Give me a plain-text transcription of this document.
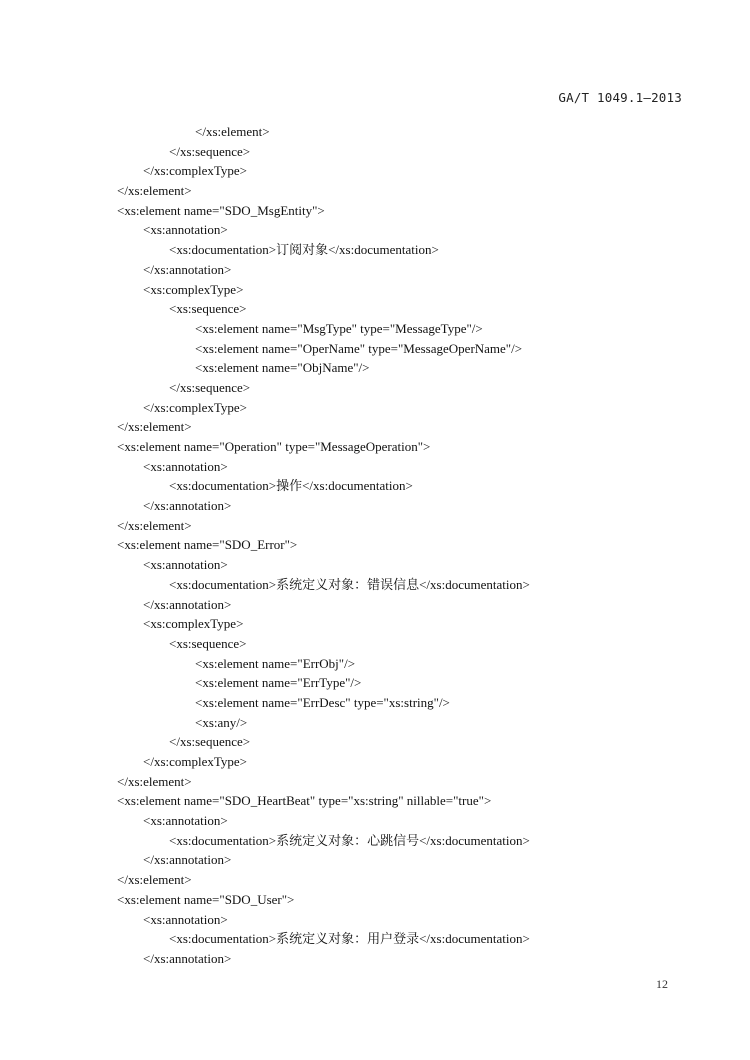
GA/T 1049.1—2013
</xs:element>
</xs:sequence>
</xs:complexType>
</xs:element>
<xs:element name="SDO_MsgEntity">
<xs:annotation>
<xs:documentation>订阅对象</xs:documentation>
</xs:annotation>
<xs:complexType>
<xs:sequence>
<xs:element name="MsgType" type="MessageType"/>
<xs:element name="OperName" type="MessageOperName"/>
<xs:element name="ObjName"/>
</xs:sequence>
</xs:complexType>
</xs:element>
<xs:element name="Operation" type="MessageOperation">
<xs:annotation>
<xs:documentation>操作</xs:documentation>
</xs:annotation>
</xs:element>
<xs:element name="SDO_Error">
<xs:annotation>
<xs:documentation>系统定义对象：错误信息</xs:documentation>
</xs:annotation>
<xs:complexType>
<xs:sequence>
<xs:element name="ErrObj"/>
<xs:element name="ErrType"/>
<xs:element name="ErrDesc" type="xs:string"/>
<xs:any/>
</xs:sequence>
</xs:complexType>
</xs:element>
<xs:element name="SDO_HeartBeat" type="xs:string" nillable="true">
<xs:annotation>
<xs:documentation>系统定义对象：心跳信号</xs:documentation>
</xs:annotation>
</xs:element>
<xs:element name="SDO_User">
<xs:annotation>
<xs:documentation>系统定义对象：用户登录</xs:documentation>
</xs:annotation>
12
